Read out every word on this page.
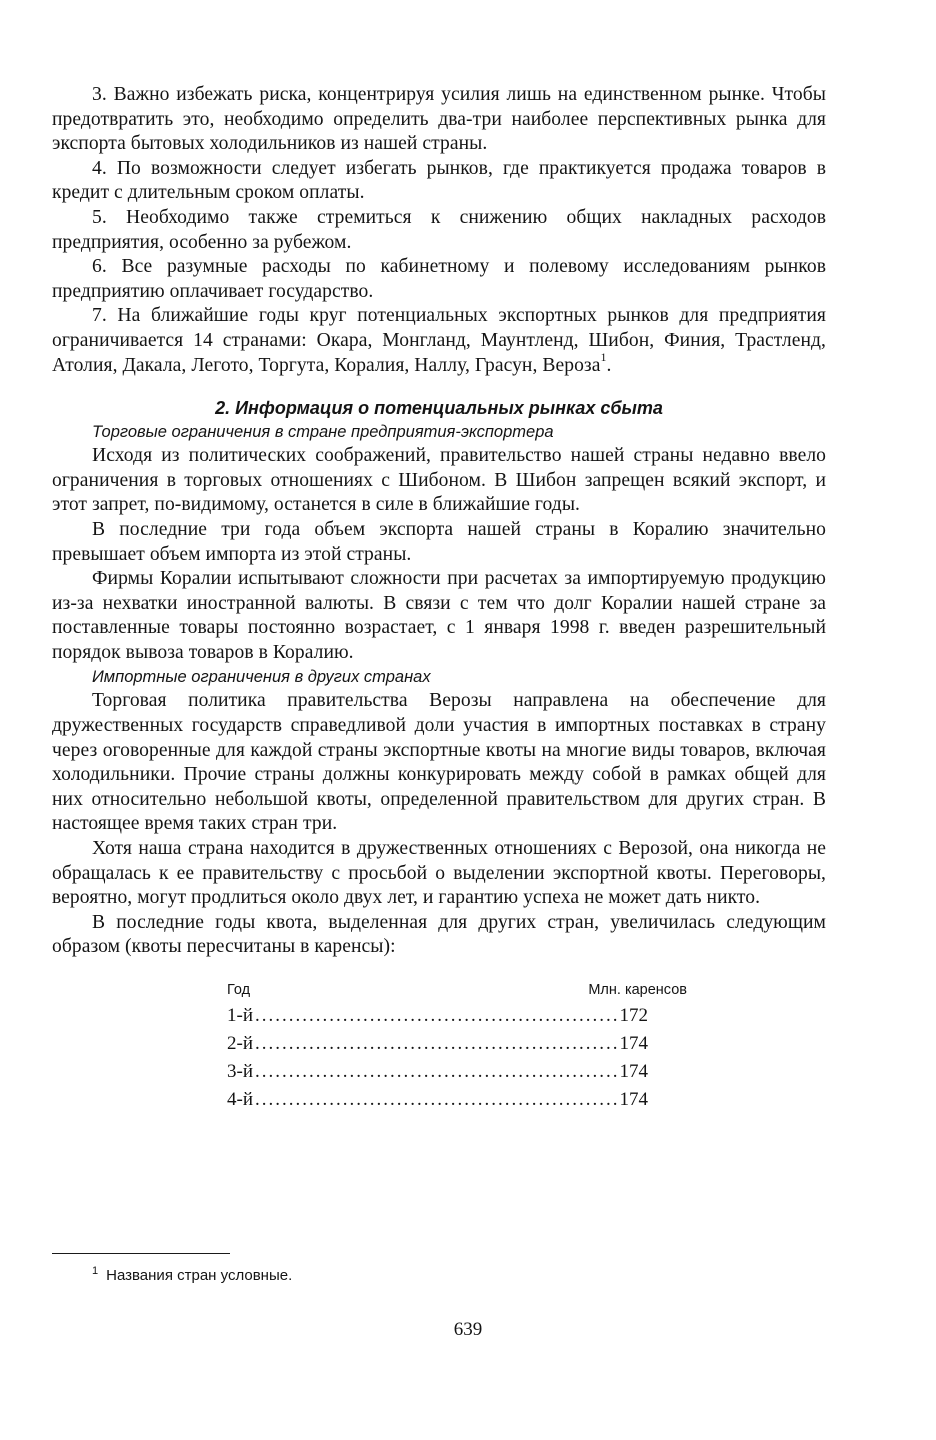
3. Важно избежать риска, концентрируя усилия лишь на единственном рынке. Чтобы предотвратить это, необходимо определить два-три наиболее перспективных рынка для экспорта бытовых холодильников из нашей страны.

4. По возможности следует избегать рынков, где практикуется продажа товаров в кредит с длительным сроком оплаты.

5. Необходимо также стремиться к снижению общих накладных расходов предприятия, особенно за рубежом.

6. Все разумные расходы по кабинетному и полевому исследованиям рынков предприятию оплачивает государство.

7. На ближайшие годы круг потенциальных экспортных рынков для предприятия ограничивается 14 странами: Окара, Монгланд, Маунтленд, Шибон, Финия, Трастленд, Атолия, Дакала, Легото, Торгута, Коралия, Наллу, Грасун, Вероза$^1$.

2. Информация о потенциальных рынках сбыта
Торговые ограничения в стране предприятия-экспортера

Исходя из политических соображений, правительство нашей страны недавно ввело ограничения в торговых отношениях с Шибоном. В Шибон запрещен всякий экспорт, и этот запрет, по-видимому, останется в силе в ближайшие годы.

В последние три года объем экспорта нашей страны в Коралию значительно превышает объем импорта из этой страны.

Фирмы Коралии испытывают сложности при расчетах за импортируемую продукцию из-за нехватки иностранной валюты. В связи с тем что долг Коралии нашей стране за поставленные товары постоянно возрастает, с 1 января 1998 г. введен разрешительный порядок вывоза товаров в Коралию.

Импортные ограничения в других странах

Торговая политика правительства Верозы направлена на обеспечение для дружественных государств справедливой доли участия в импортных поставках в страну через оговоренные для каждой страны экспортные квоты на многие виды товаров, включая холодильники. Прочие страны должны конкурировать между собой в рамках общей для них относительно небольшой квоты, определенной правительством для других стран. В настоящее время таких стран три.

Хотя наша страна находится в дружественных отношениях с Верозой, она никогда не обращалась к ее правительству с просьбой о выделении экспортной квоты. Переговоры, вероятно, могут продлиться около двух лет, и гарантию успеха не может дать никто.

В последние годы квота, выделенная для других стран, увеличилась следующим образом (квоты пересчитаны в каренсы):

Год	Млн. каренсов
1-й .....	172
2-й .....	174
3-й .....	174
4-й .....	174
$^1$ Названия стран условные.
639
